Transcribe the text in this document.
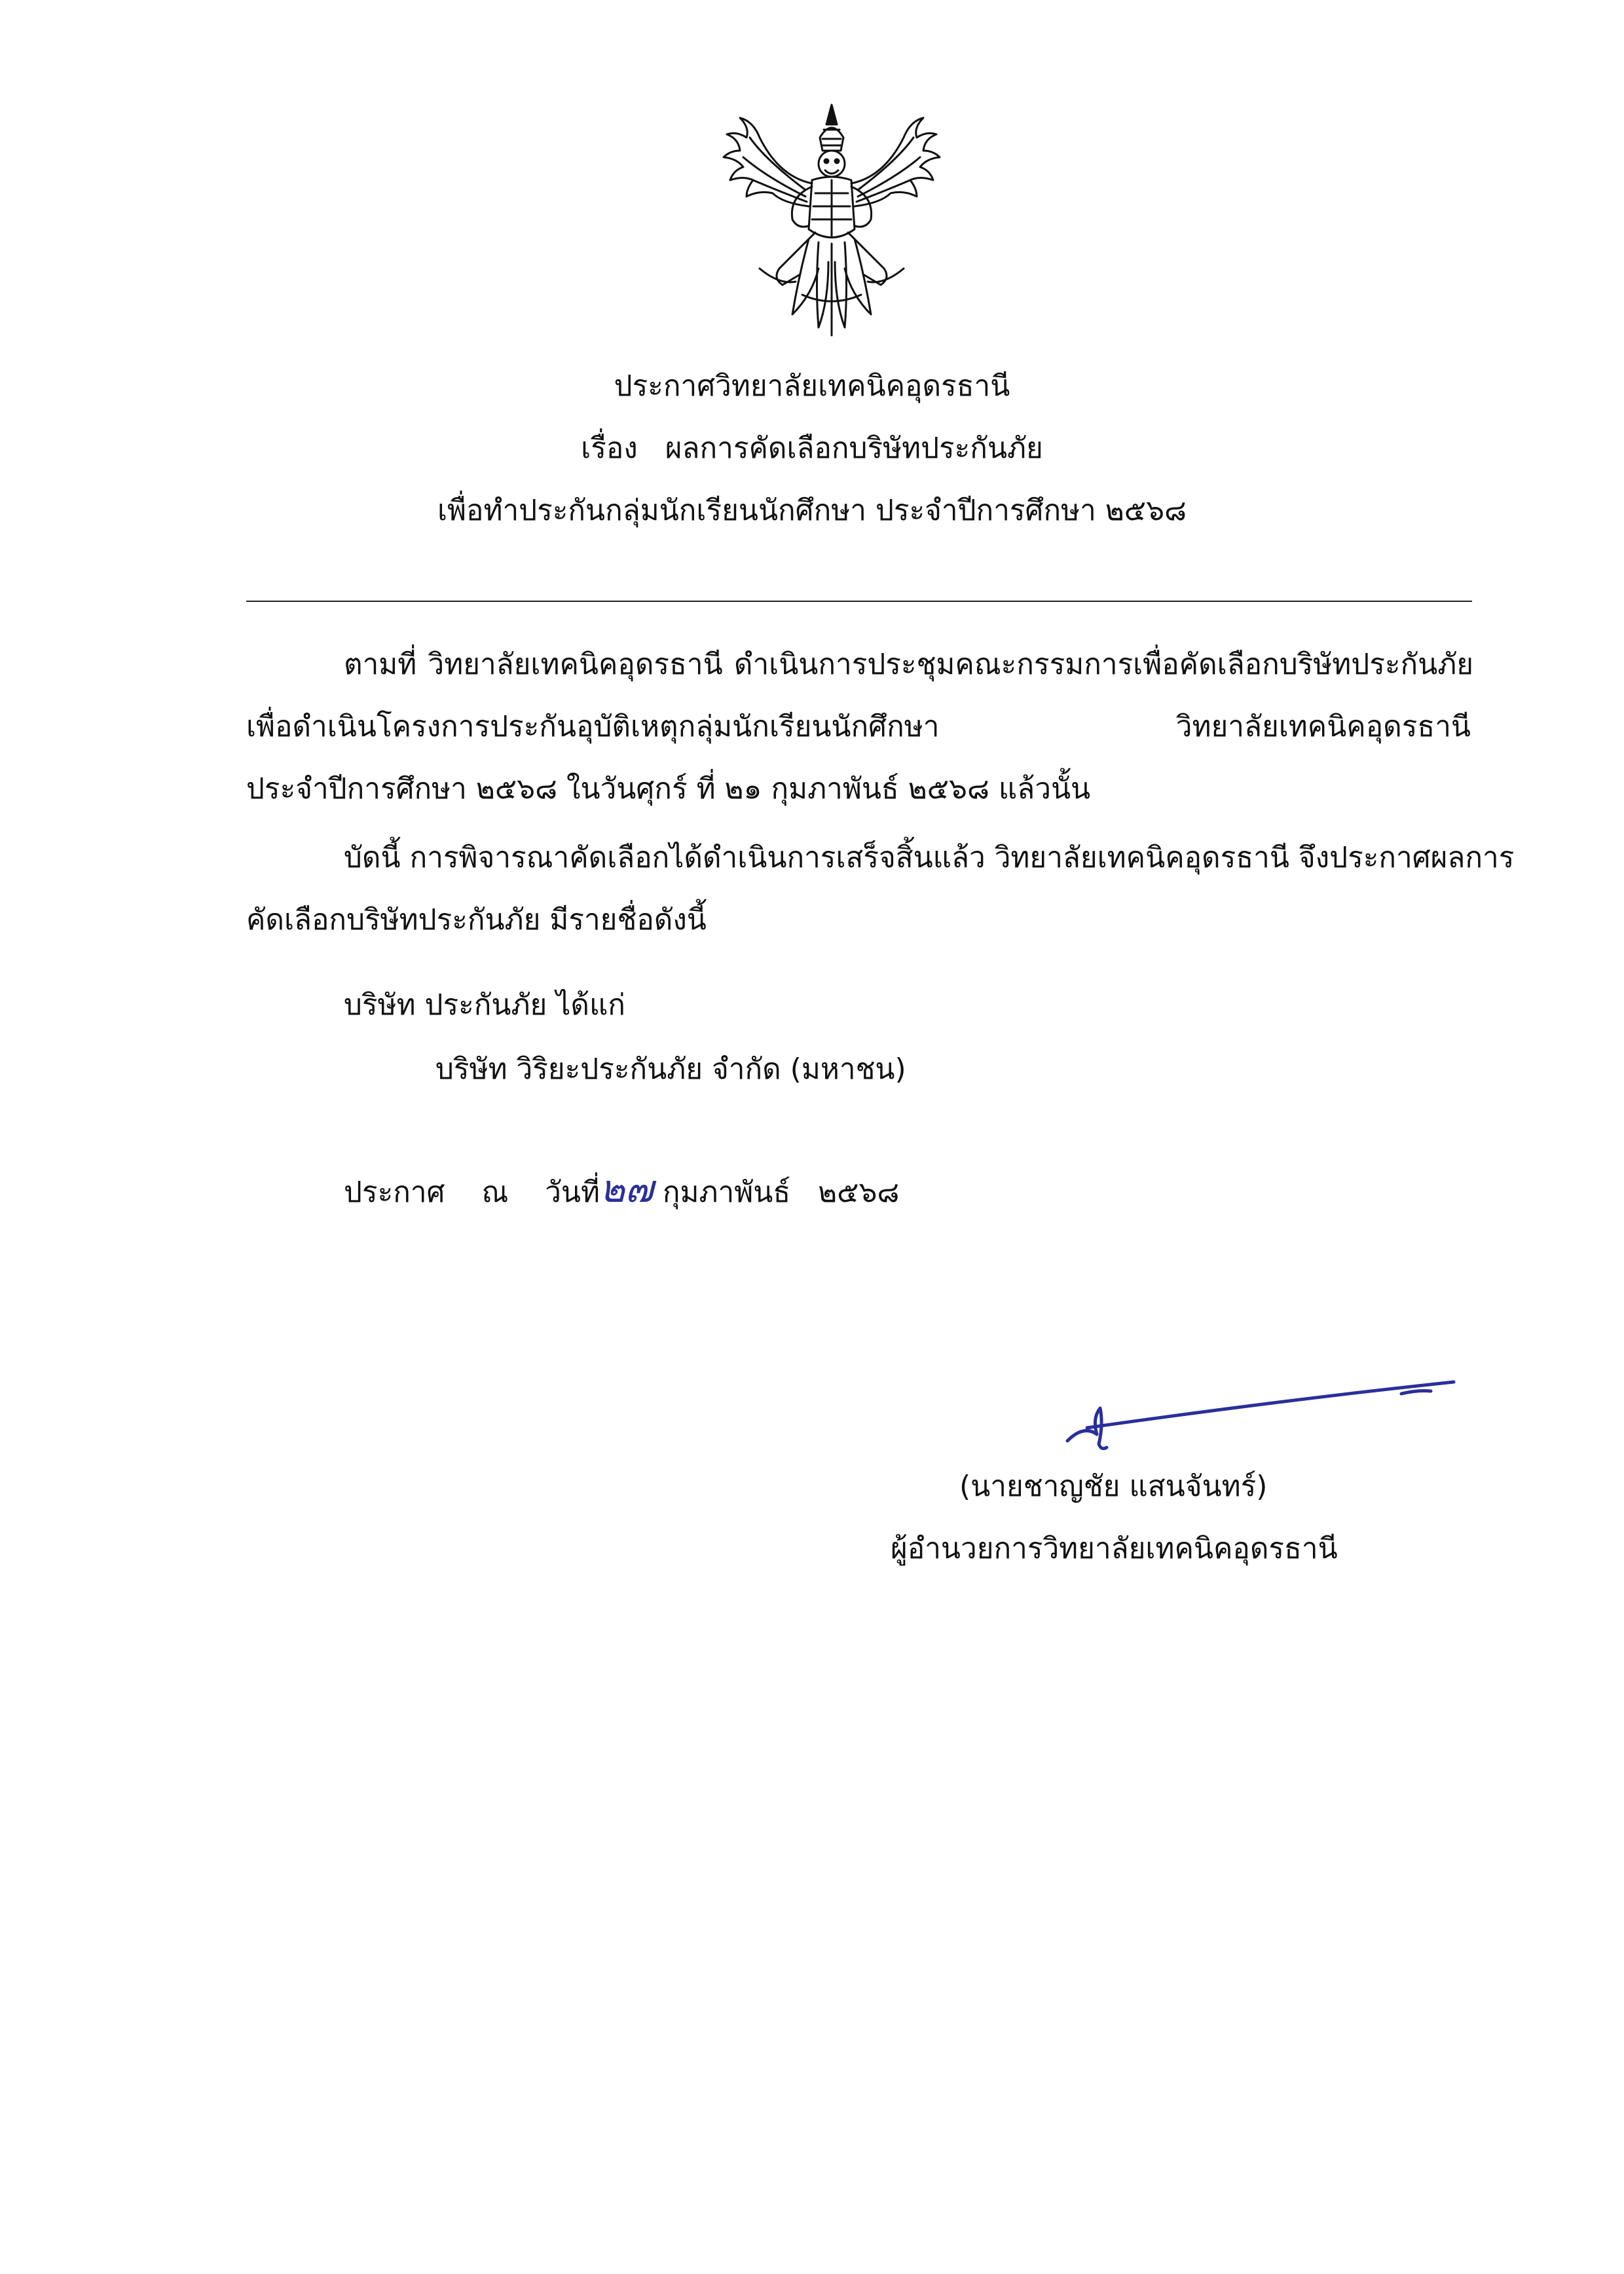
ประกาศวิทยาลัยเทคนิคอุดรธานี
เรื่อง ผลการคัดเลือกบริษัทประกันภัย
เพื่อทำประกันกลุ่มนักเรียนนักศึกษา ประจำปีการศึกษา ๒๕๖๘
ตามที่ วิทยาลัยเทคนิคอุดรธานี ดำเนินการประชุมคณะกรรมการเพื่อคัดเลือกบริษัทประกันภัย
เพื่อดำเนินโครงการประกันอุบัติเหตุกลุ่มนักเรียนนักศึกษา วิทยาลัยเทคนิคอุดรธานี
ประจำปีการศึกษา ๒๕๖๘ ในวันศุกร์ ที่ ๒๑ กุมภาพันธ์ ๒๕๖๘ แล้วนั้น
บัดนี้ การพิจารณาคัดเลือกได้ดำเนินการเสร็จสิ้นแล้ว วิทยาลัยเทคนิคอุดรธานี จึงประกาศผลการ
คัดเลือกบริษัทประกันภัย มีรายชื่อดังนี้
บริษัท ประกันภัย ได้แก่
บริษัท วิริยะประกันภัย จำกัด (มหาชน)
ประกาศ ณ วันที่๒๗ กุมภาพันธ์ ๒๕๖๘
(นายชาญชัย แสนจันทร์)
ผู้อำนวยการวิทยาลัยเทคนิคอุดรธานี
